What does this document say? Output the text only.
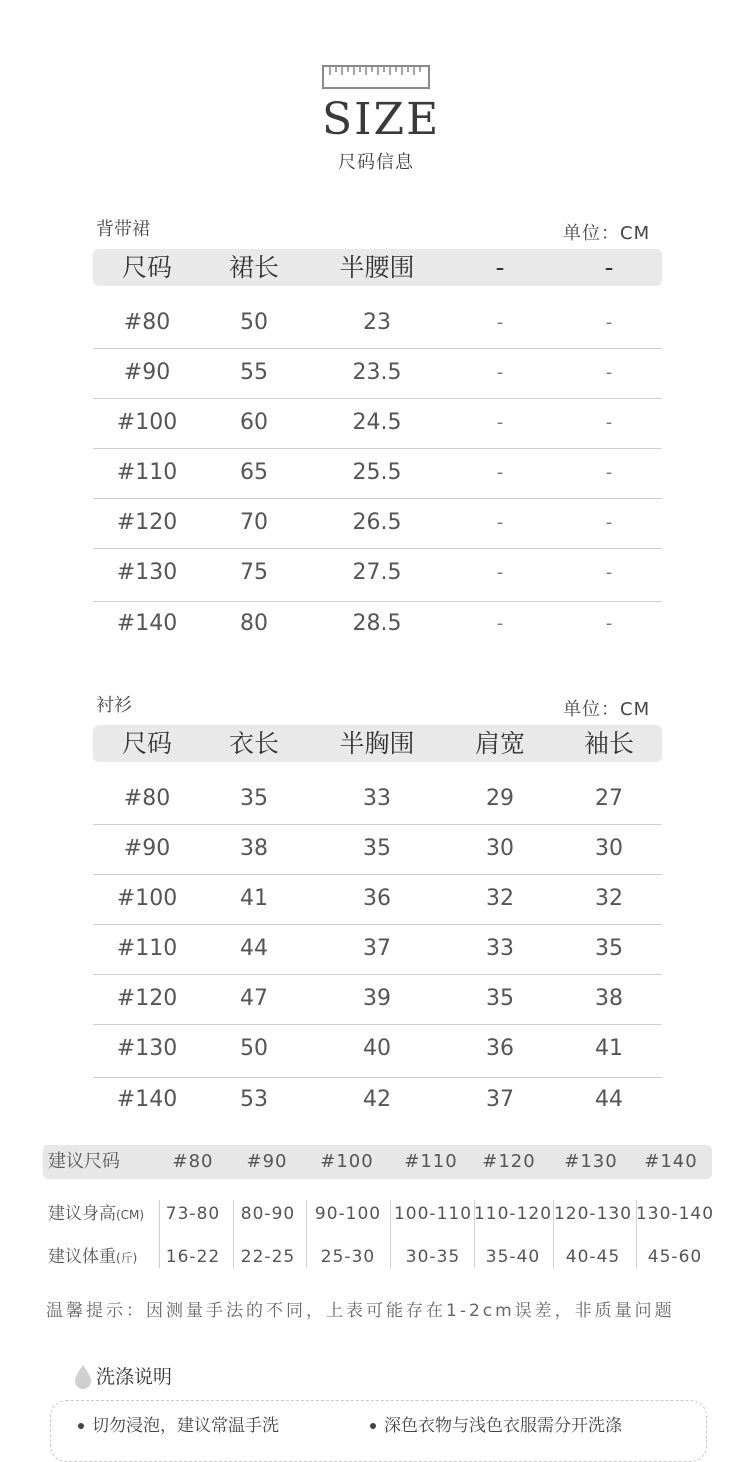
SIZE
尺码信息
背带裙	单位：CM
尺码 裙长 半腰围	-	-
#80	50	23	-	-
#90	55	23.5	-	-
#100	60	24.5	-	-
#110	65	25.5	-	-
#120	70	26.5	-	-
#130	75	27.5	-	-
#140	80	28.5	-	-
衬衫	单位：CM
尺码 衣长 半胸围 肩宽 袖长
#80	35	33	29	27
#90	38	35	30	30
#100	41	36	32	32
#110	44	37	33	35
#120	47	39	35	38
#130	50	40	36	41
#140	53	42	37	44
建议尺码	#80 #90 #100 #110 #120 #130 #140
建议身高(CM) 73-80 80-90 90-100 100-110 110-120 120-130 130-140
建议体重(斤) 16-22 22-25 25-30 30-35 35-40 40-45 45-60
温馨提示：因测量手法的不同，上表可能存在1-2cm误差，非质量问题
洗涤说明
切勿浸泡，建议常温手洗	深色衣物与浅色衣服需分开洗涤
